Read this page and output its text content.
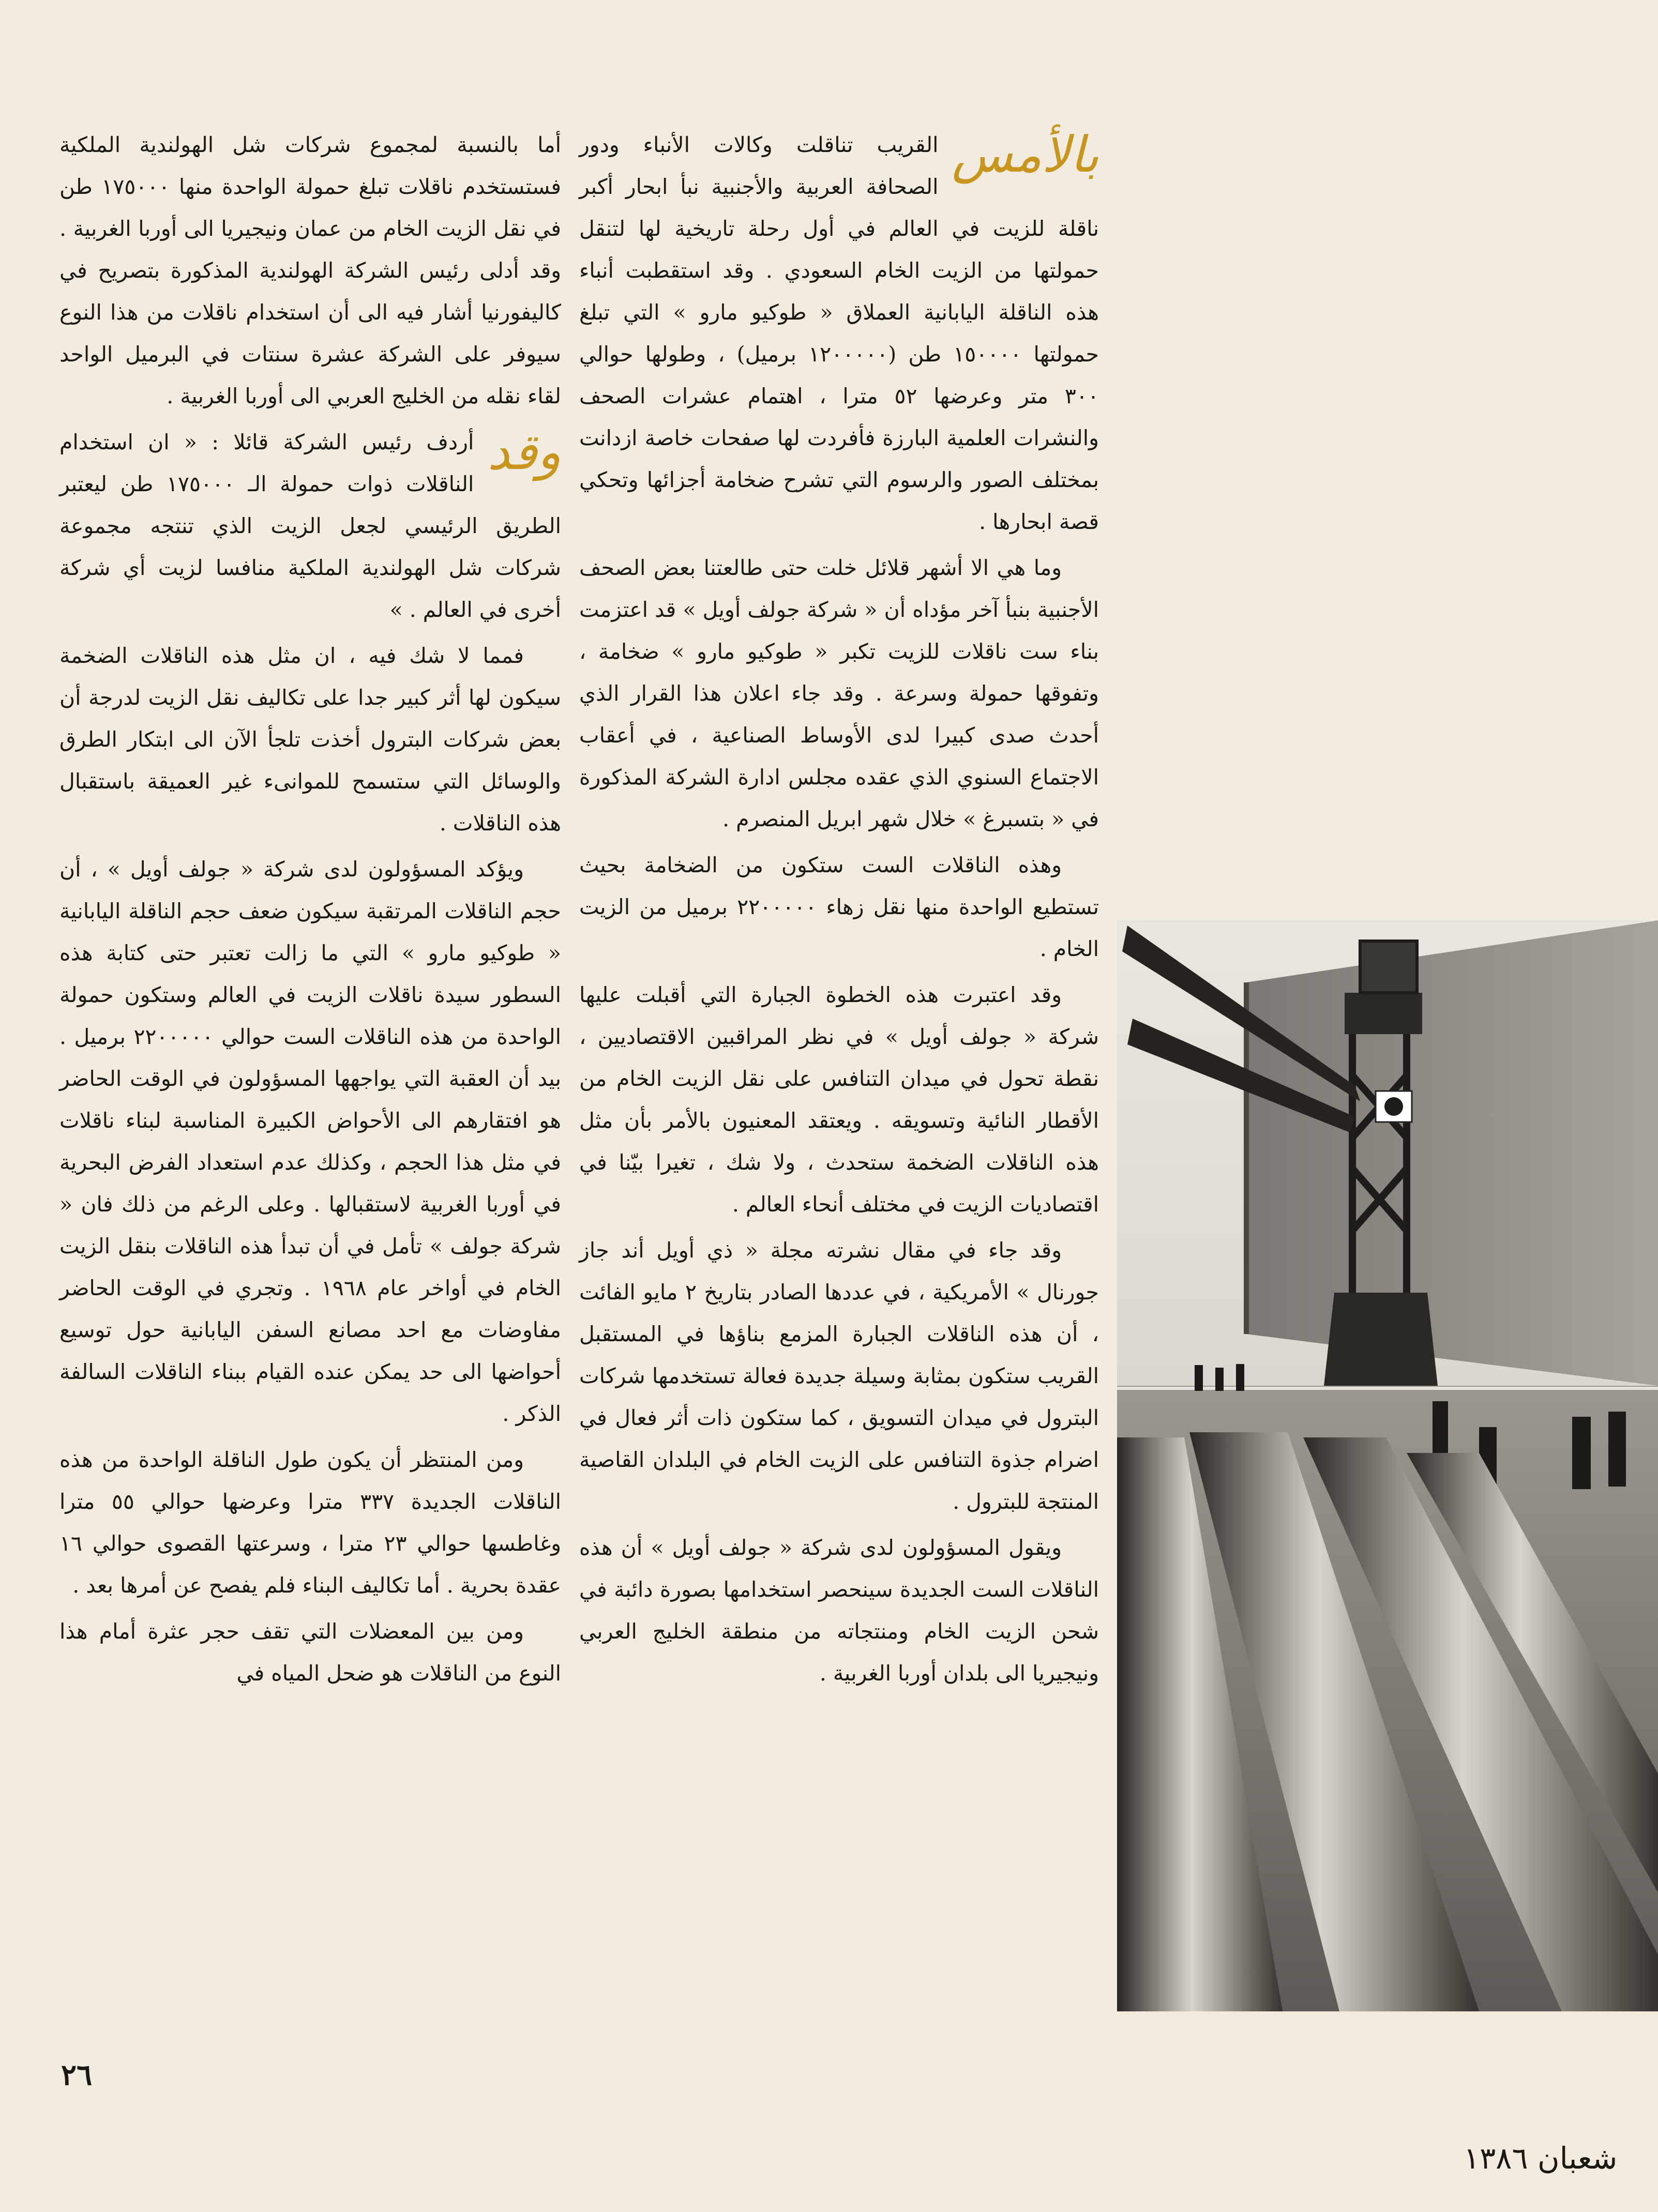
بالأمس

القريب تناقلت وكالات الأنباء ودور الصحافة العربية والأجنبية نبأ ابحار أكبر ناقلة للزيت في العالم في أول رحلة تاريخية لها لتنقل حمولتها من الزيت الخام السعودي . وقد استقطبت أنباء هذه الناقلة اليابانية العملاق « طوكيو مارو » التي تبلغ حمولتها ١٥٠٠٠٠ طن (١٢٠٠٠٠٠ برميل) ، وطولها حوالي ٣٠٠ متر وعرضها ٥٢ مترا ، اهتمام عشرات الصحف والنشرات العلمية البارزة فأفردت لها صفحات خاصة ازدانت بمختلف الصور والرسوم التي تشرح ضخامة أجزائها وتحكي قصة ابحارها .

وما هي الا أشهر قلائل خلت حتى طالعتنا بعض الصحف الأجنبية بنبأ آخر مؤداه أن « شركة جولف أويل » قد اعتزمت بناء ست ناقلات للزيت تكبر « طوكيو مارو » ضخامة ، وتفوقها حمولة وسرعة . وقد جاء اعلان هذا القرار الذي أحدث صدى كبيرا لدى الأوساط الصناعية ، في أعقاب الاجتماع السنوي الذي عقده مجلس ادارة الشركة المذكورة في « بتسبرغ » خلال شهر ابريل المنصرم .

وهذه الناقلات الست ستكون من الضخامة بحيث تستطيع الواحدة منها نقل زهاء ٢٢٠٠٠٠٠ برميل من الزيت الخام .

وقد اعتبرت هذه الخطوة الجبارة التي أقبلت عليها شركة « جولف أويل » في نظر المراقبين الاقتصاديين ، نقطة تحول في ميدان التنافس على نقل الزيت الخام من الأقطار النائية وتسويقه . ويعتقد المعنيون بالأمر بأن مثل هذه الناقلات الضخمة ستحدث ، ولا شك ، تغيرا بيّنا في اقتصاديات الزيت في مختلف أنحاء العالم .

وقد جاء في مقال نشرته مجلة « ذي أويل أند جاز جورنال » الأمريكية ، في عددها الصادر بتاريخ ٢ مايو الفائت ، أن هذه الناقلات الجبارة المزمع بناؤها في المستقبل القريب ستكون بمثابة وسيلة جديدة فعالة تستخدمها شركات البترول في ميدان التسويق ، كما ستكون ذات أثر فعال في اضرام جذوة التنافس على الزيت الخام في البلدان القاصية المنتجة للبترول .

ويقول المسؤولون لدى شركة « جولف أويل » أن هذه الناقلات الست الجديدة سينحصر استخدامها بصورة دائبة في شحن الزيت الخام ومنتجاته من منطقة الخليج العربي ونيجيريا الى بلدان أوربا الغربية .

أما بالنسبة لمجموع شركات شل الهولندية الملكية فستستخدم ناقلات تبلغ حمولة الواحدة منها ١٧٥٠٠٠ طن في نقل الزيت الخام من عمان ونيجيريا الى أوربا الغربية . وقد أدلى رئيس الشركة الهولندية المذكورة بتصريح في كاليفورنيا أشار فيه الى أن استخدام ناقلات من هذا النوع سيوفر على الشركة عشرة سنتات في البرميل الواحد لقاء نقله من الخليج العربي الى أوربا الغربية .

وقد

أردف رئيس الشركة قائلا : « ان استخدام الناقلات ذوات حمولة الـ ١٧٥٠٠٠ طن ليعتبر الطريق الرئيسي لجعل الزيت الذي تنتجه مجموعة شركات شل الهولندية الملكية منافسا لزيت أي شركة أخرى في العالم . »

فمما لا شك فيه ، ان مثل هذه الناقلات الضخمة سيكون لها أثر كبير جدا على تكاليف نقل الزيت لدرجة أن بعض شركات البترول أخذت تلجأ الآن الى ابتكار الطرق والوسائل التي ستسمح للموانىء غير العميقة باستقبال هذه الناقلات .

ويؤكد المسؤولون لدى شركة « جولف أويل » ، أن حجم الناقلات المرتقبة سيكون ضعف حجم الناقلة اليابانية « طوكيو مارو » التي ما زالت تعتبر حتى كتابة هذه السطور سيدة ناقلات الزيت في العالم وستكون حمولة الواحدة من هذه الناقلات الست حوالي ٢٢٠٠٠٠٠ برميل . بيد أن العقبة التي يواجهها المسؤولون في الوقت الحاضر هو افتقارهم الى الأحواض الكبيرة المناسبة لبناء ناقلات في مثل هذا الحجم ، وكذلك عدم استعداد الفرض البحرية في أوربا الغربية لاستقبالها . وعلى الرغم من ذلك فان « شركة جولف » تأمل في أن تبدأ هذه الناقلات بنقل الزيت الخام في أواخر عام ١٩٦٨ . وتجري في الوقت الحاضر مفاوضات مع احد مصانع السفن اليابانية حول توسيع أحواضها الى حد يمكن عنده القيام ببناء الناقلات السالفة الذكر .

ومن المنتظر أن يكون طول الناقلة الواحدة من هذه الناقلات الجديدة ٣٣٧ مترا وعرضها حوالي ٥٥ مترا وغاطسها حوالي ٢٣ مترا ، وسرعتها القصوى حوالي ١٦ عقدة بحرية . أما تكاليف البناء فلم يفصح عن أمرها بعد .

ومن بين المعضلات التي تقف حجر عثرة أمام هذا النوع من الناقلات هو ضحل المياه في

٢٦
شعبان ١٣٨٦
